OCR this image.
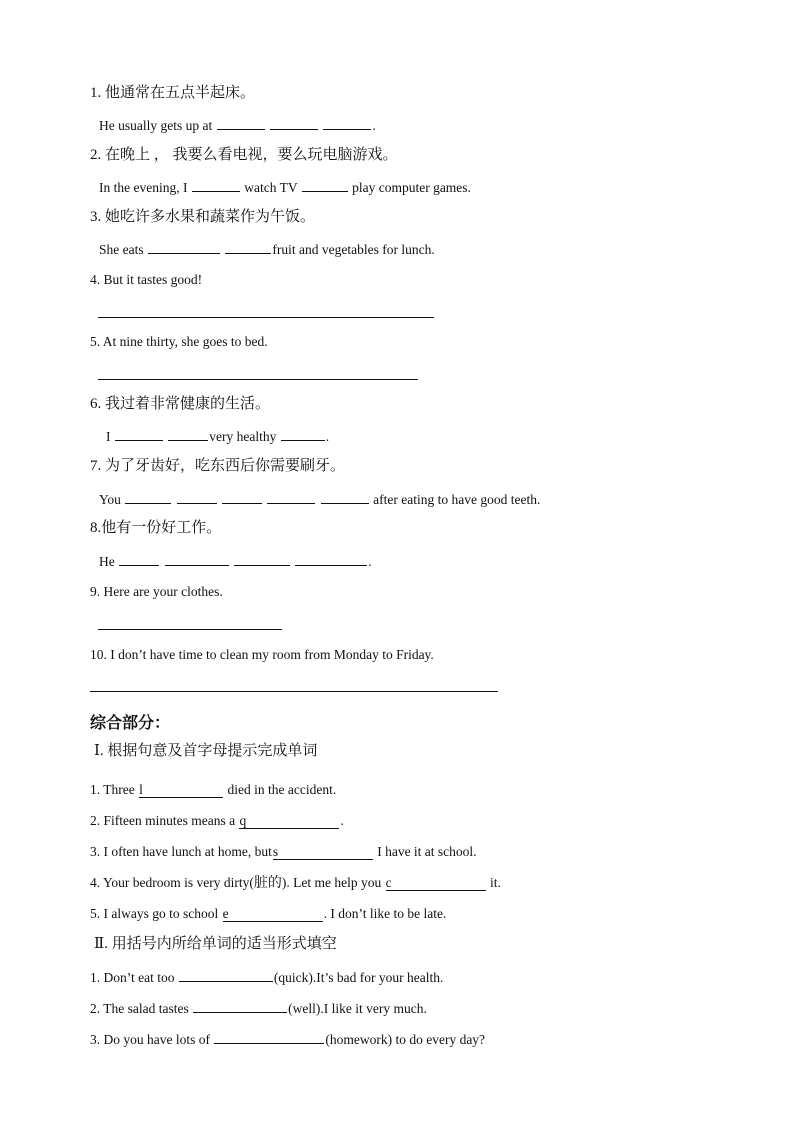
1. 他通常在五点半起床。
He usually gets up at	.
2. 在晚上 ， 我要么看电视，要么玩电脑游戏。
In the evening, I	watch TV	play computer games.
3. 她吃许多水果和蔬菜作为午饭。
She eats	fruit and vegetables for lunch.
4. But it tastes good!
5. At nine thirty, she goes to bed.
6. 我过着非常健康的生活。
I	very healthy	.
7. 为了牙齿好，吃东西后你需要刷牙。
You	after eating to have good teeth.
8.他有一份好工作。
He	.
9. Here are your clothes.
10. I don’t have time to clean my room from Monday to Friday.
综合部分：
Ⅰ. 根据句意及首字母提示完成单词
1. Three l	died in the accident.
2. Fifteen minutes means a q	.
3. I often have lunch at home, buts	I have it at school.
4. Your bedroom is very dirty(脏的). Let me help you c	it.
5. I always go to school e	. I don’t like to be late.
Ⅱ. 用括号内所给单词的适当形式填空
1. Don’t eat too	(quick).It’s bad for your health.
2. The salad tastes	(well).I like it very much.
3. Do you have lots of	(homework) to do every day?
